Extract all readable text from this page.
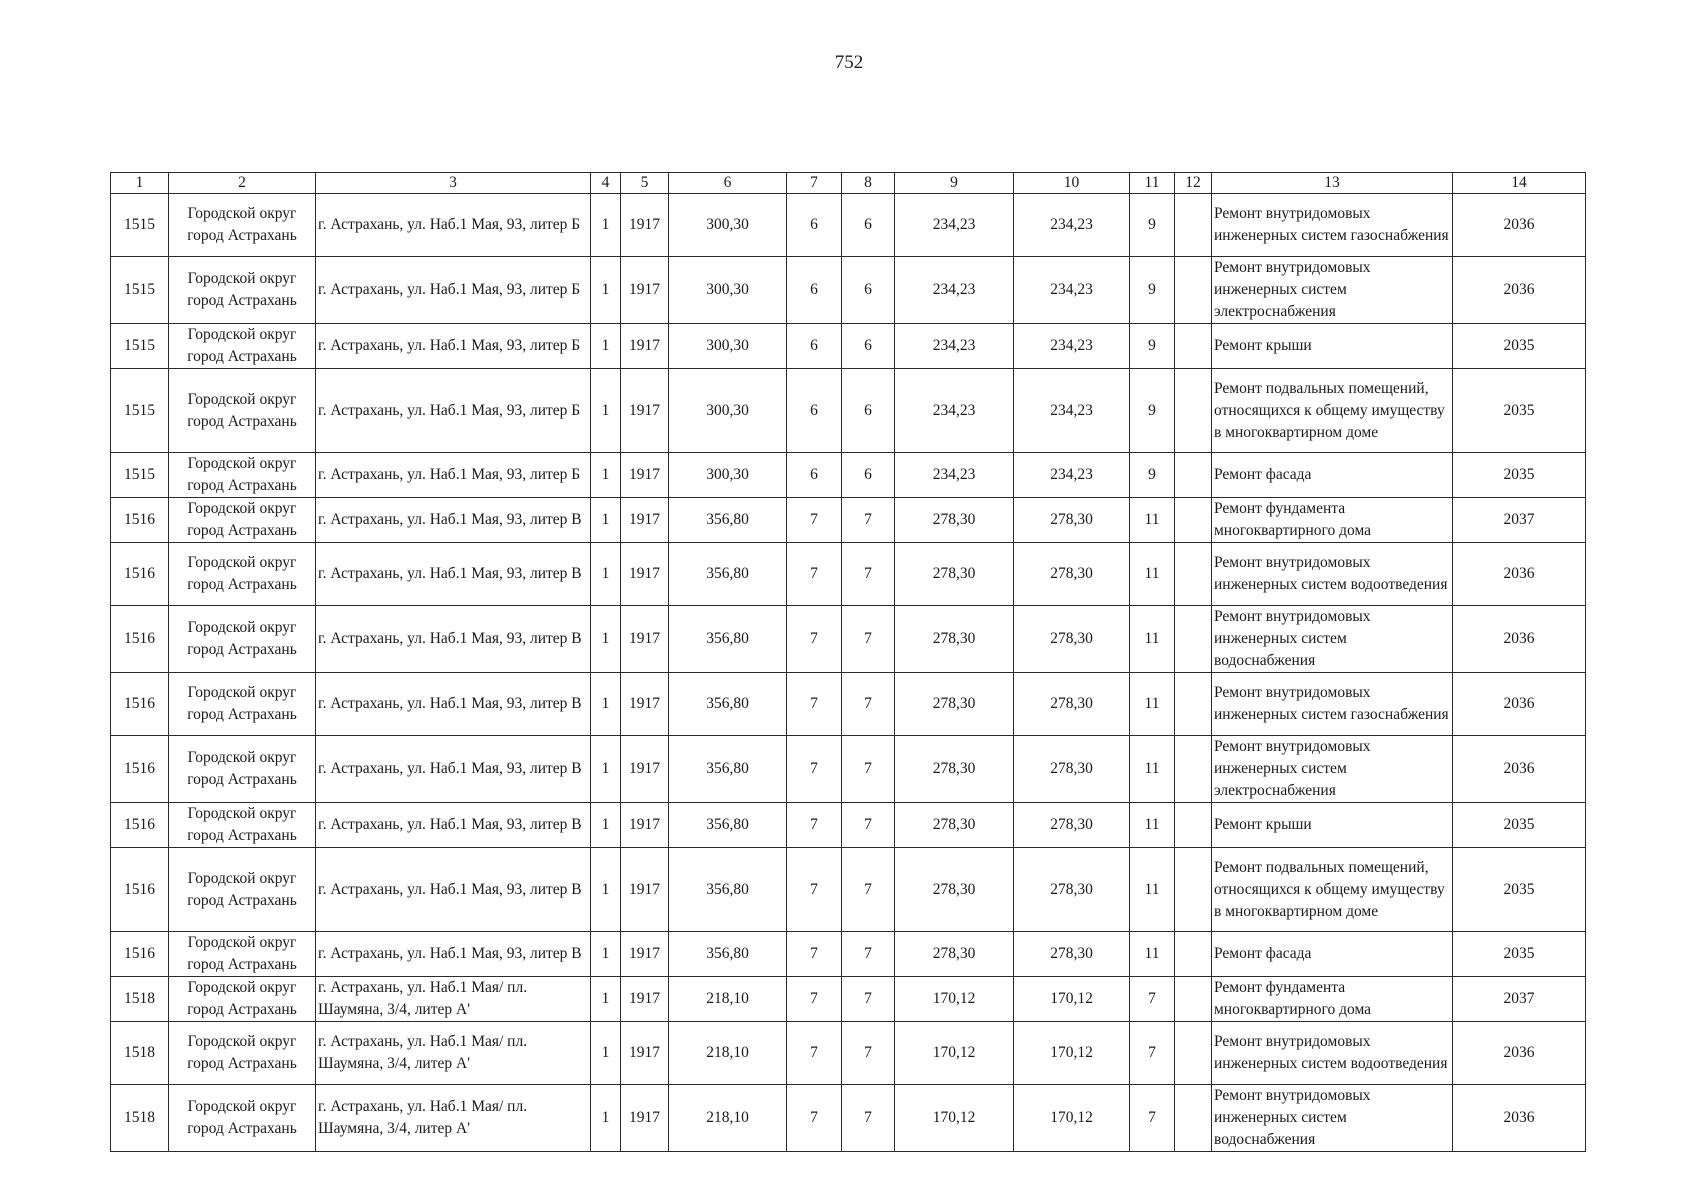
752
1	2	3	4	5	6	7	8	9	10	11	12	13	14
1515	Городской округ город Астрахань	г. Астрахань, ул. Наб.1 Мая, 93, литер Б	1	1917	300,30	6	6	234,23	234,23	9		Ремонт внутридомовых инженерных систем газоснабжения	2036
1515	Городской округ город Астрахань	г. Астрахань, ул. Наб.1 Мая, 93, литер Б	1	1917	300,30	6	6	234,23	234,23	9		Ремонт внутридомовых инженерных систем электроснабжения	2036
1515	Городской округ город Астрахань	г. Астрахань, ул. Наб.1 Мая, 93, литер Б	1	1917	300,30	6	6	234,23	234,23	9		Ремонт крыши	2035
1515	Городской округ город Астрахань	г. Астрахань, ул. Наб.1 Мая, 93, литер Б	1	1917	300,30	6	6	234,23	234,23	9		Ремонт подвальных помещений, относящихся к общему имуществу в многоквартирном доме	2035
1515	Городской округ город Астрахань	г. Астрахань, ул. Наб.1 Мая, 93, литер Б	1	1917	300,30	6	6	234,23	234,23	9		Ремонт фасада	2035
1516	Городской округ город Астрахань	г. Астрахань, ул. Наб.1 Мая, 93, литер В	1	1917	356,80	7	7	278,30	278,30	11		Ремонт фундамента многоквартирного дома	2037
1516	Городской округ город Астрахань	г. Астрахань, ул. Наб.1 Мая, 93, литер В	1	1917	356,80	7	7	278,30	278,30	11		Ремонт внутридомовых инженерных систем водоотведения	2036
1516	Городской округ город Астрахань	г. Астрахань, ул. Наб.1 Мая, 93, литер В	1	1917	356,80	7	7	278,30	278,30	11		Ремонт внутридомовых инженерных систем водоснабжения	2036
1516	Городской округ город Астрахань	г. Астрахань, ул. Наб.1 Мая, 93, литер В	1	1917	356,80	7	7	278,30	278,30	11		Ремонт внутридомовых инженерных систем газоснабжения	2036
1516	Городской округ город Астрахань	г. Астрахань, ул. Наб.1 Мая, 93, литер В	1	1917	356,80	7	7	278,30	278,30	11		Ремонт внутридомовых инженерных систем электроснабжения	2036
1516	Городской округ город Астрахань	г. Астрахань, ул. Наб.1 Мая, 93, литер В	1	1917	356,80	7	7	278,30	278,30	11		Ремонт крыши	2035
1516	Городской округ город Астрахань	г. Астрахань, ул. Наб.1 Мая, 93, литер В	1	1917	356,80	7	7	278,30	278,30	11		Ремонт подвальных помещений, относящихся к общему имуществу в многоквартирном доме	2035
1516	Городской округ город Астрахань	г. Астрахань, ул. Наб.1 Мая, 93, литер В	1	1917	356,80	7	7	278,30	278,30	11		Ремонт фасада	2035
1518	Городской округ город Астрахань	г. Астрахань, ул. Наб.1 Мая/ пл. Шаумяна, 3/4, литер А'	1	1917	218,10	7	7	170,12	170,12	7		Ремонт фундамента многоквартирного дома	2037
1518	Городской округ город Астрахань	г. Астрахань, ул. Наб.1 Мая/ пл. Шаумяна, 3/4, литер А'	1	1917	218,10	7	7	170,12	170,12	7		Ремонт внутридомовых инженерных систем водоотведения	2036
1518	Городской округ город Астрахань	г. Астрахань, ул. Наб.1 Мая/ пл. Шаумяна, 3/4, литер А'	1	1917	218,10	7	7	170,12	170,12	7		Ремонт внутридомовых инженерных систем водоснабжения	2036
